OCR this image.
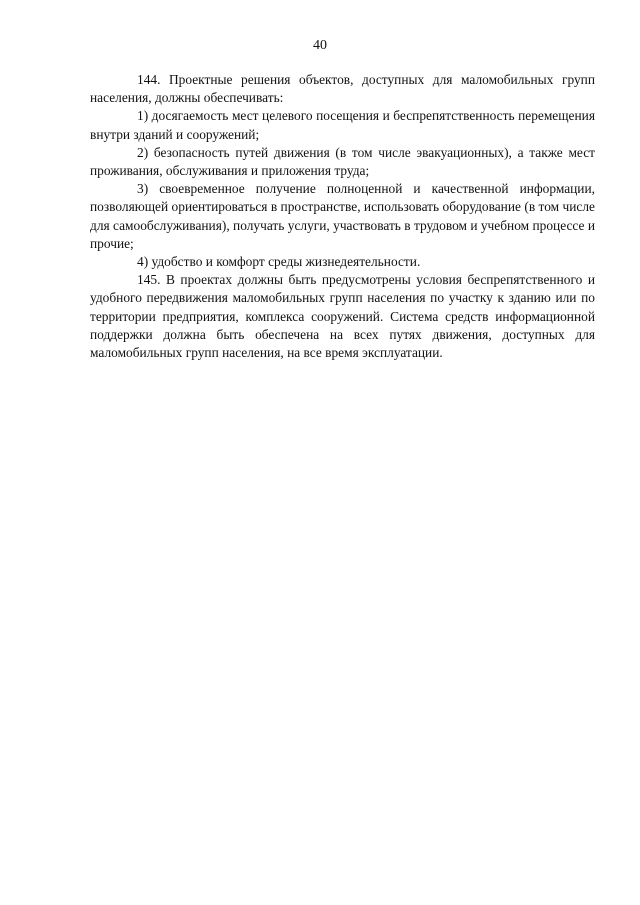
40

144. Проектные решения объектов, доступных для маломобильных групп населения, должны обеспечивать:

1) досягаемость мест целевого посещения и беспрепятственность перемещения внутри зданий и сооружений;

2) безопасность путей движения (в том числе эвакуационных), а также мест проживания, обслуживания и приложения труда;

3) своевременное получение полноценной и качественной информации, позволяющей ориентироваться в пространстве, использовать оборудование (в том числе для самообслуживания), получать услуги, участвовать в трудовом и учебном процессе и прочие;

4) удобство и комфорт среды жизнедеятельности.

145. В проектах должны быть предусмотрены условия беспрепятственного и удобного передвижения маломобильных групп населения по участку к зданию или по территории предприятия, комплекса сооружений. Система средств информационной поддержки должна быть обеспечена на всех путях движения, доступных для маломобильных групп населения, на все время эксплуатации.
